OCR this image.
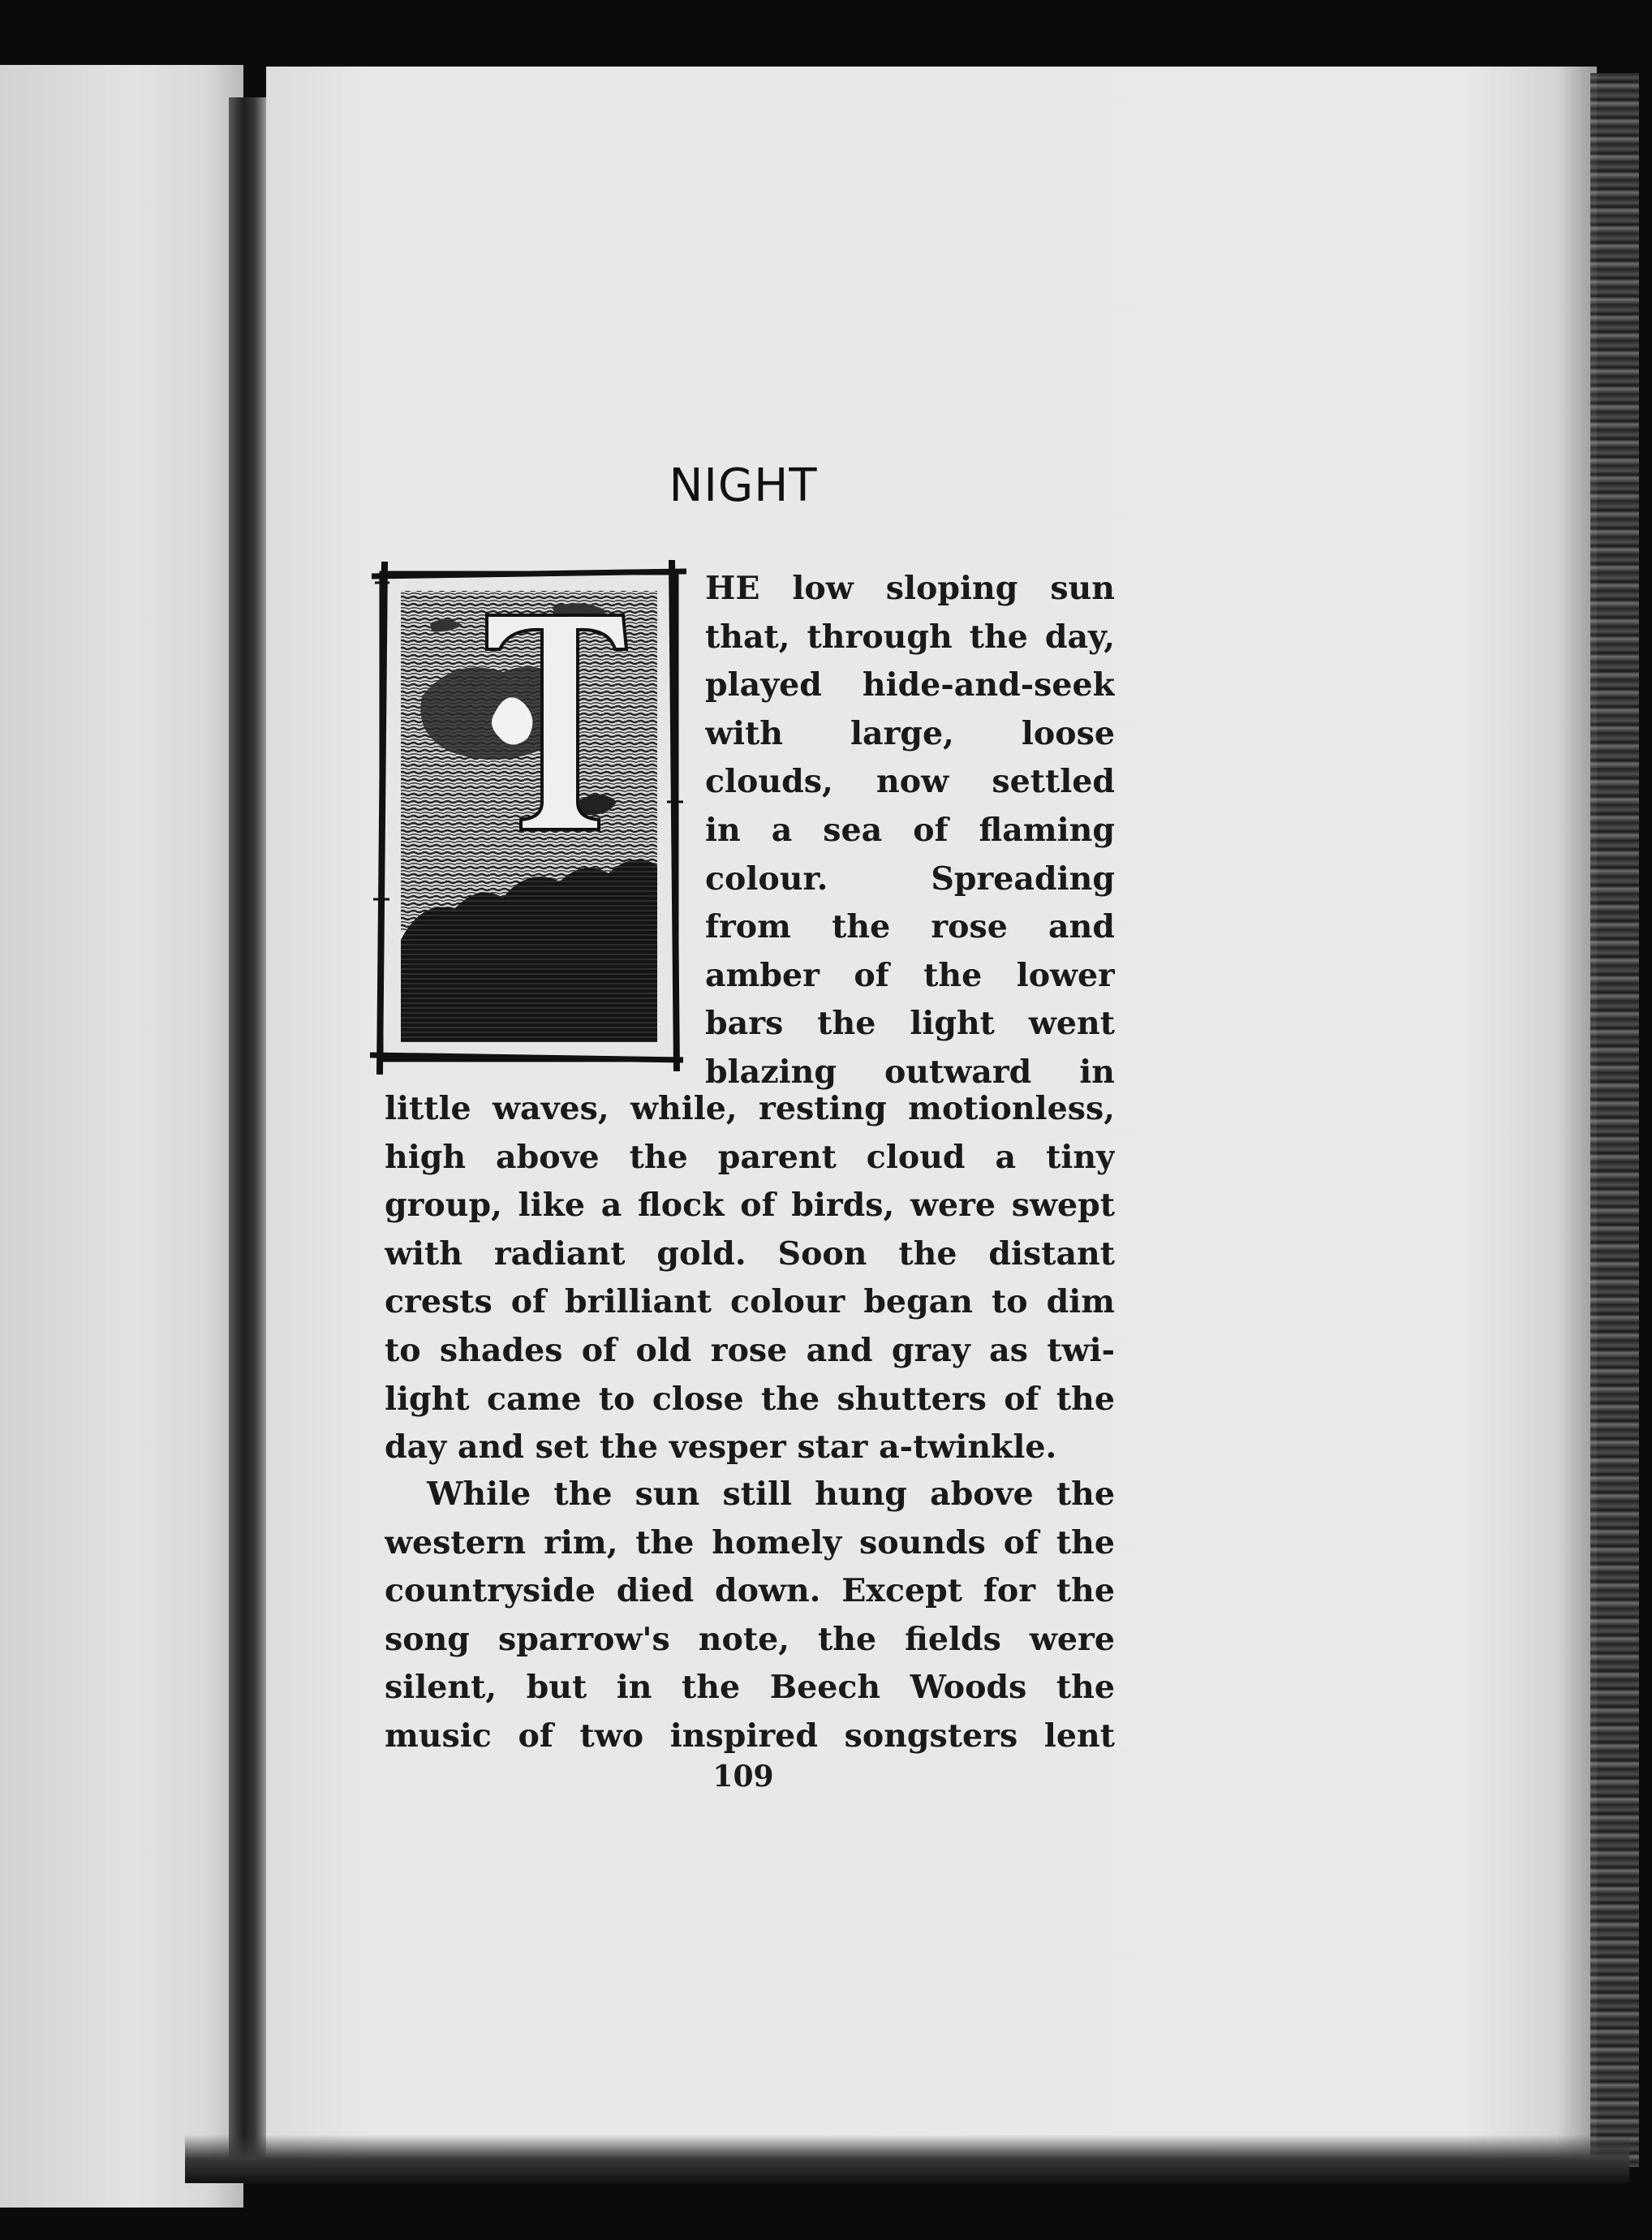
NIGHT
HE low sloping sun
that, through the day,
played hide-and-seek
with large, loose
clouds, now settled
in a sea of flaming
colour. Spreading
from the rose and
amber of the lower
bars the light went
blazing outward in
little waves, while, resting motionless,
high above the parent cloud a tiny
group, like a flock of birds, were swept
with radiant gold. Soon the distant
crests of brilliant colour began to dim
to shades of old rose and gray as twi-
light came to close the shutters of the
day and set the vesper star a-twinkle.
While the sun still hung above the
western rim, the homely sounds of the
countryside died down. Except for the
song sparrow's note, the fields were
silent, but in the Beech Woods the
music of two inspired songsters lent
109
